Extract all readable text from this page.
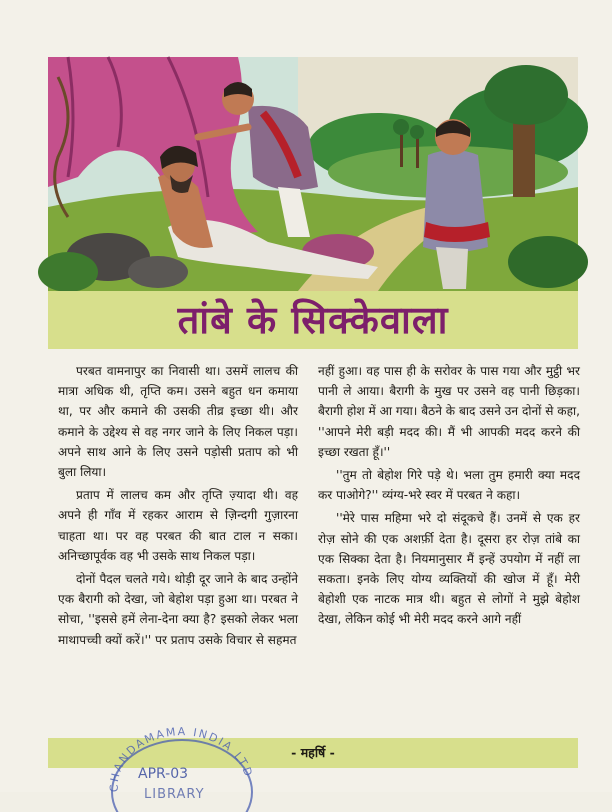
तांबे के सिक्केवाला

परबत वामनापुर का निवासी था। उसमें लालच की मात्रा अधिक थी, तृप्ति कम। उसने बहुत धन कमाया था, पर और कमाने की उसकी तीव्र इच्छा थी। और कमाने के उद्देश्य से वह नगर जाने के लिए निकल पड़ा। अपने साथ आने के लिए उसने पड़ोसी प्रताप को भी बुला लिया।

प्रताप में लालच कम और तृप्ति ज़्यादा थी। वह अपने ही गाँव में रहकर आराम से ज़िन्दगी गुज़ारना चाहता था। पर वह परबत की बात टाल न सका। अनिच्छापूर्वक वह भी उसके साथ निकल पड़ा।

दोनों पैदल चलते गये। थोड़ी दूर जाने के बाद उन्होंने एक बैरागी को देखा, जो बेहोश पड़ा हुआ था। परबत ने सोचा, ''इससे हमें लेना-देना क्या है? इसको लेकर भला माथापच्ची क्यों करें।'' पर प्रताप उसके विचार से सहमत

नहीं हुआ। वह पास ही के सरोवर के पास गया और मुट्ठी भर पानी ले आया। बैरागी के मुख पर उसने वह पानी छिड़का। बैरागी होश में आ गया। बैठने के बाद उसने उन दोनों से कहा, ''आपने मेरी बड़ी मदद की। मैं भी आपकी मदद करने की इच्छा रखता हूँ।''

''तुम तो बेहोश गिरे पड़े थे। भला तुम हमारी क्या मदद कर पाओगे?'' व्यंग्य-भरे स्वर में परबत ने कहा।

''मेरे पास महिमा भरे दो संदूकचे हैं। उनमें से एक हर रोज़ सोने की एक अशर्फ़ी देता है। दूसरा हर रोज़ तांबे का एक सिक्का देता है। नियमानुसार मैं इन्हें उपयोग में नहीं ला सकता। इनके लिए योग्य व्यक्तियों की खोज में हूँ। मेरी बेहोशी एक नाटक मात्र थी। बहुत से लोगों ने मुझे बेहोश देखा, लेकिन कोई भी मेरी मदद करने आगे नहीं

- महर्षि -
CHANDAMAMA INDIA LTD
APR-03
LIBRARY
